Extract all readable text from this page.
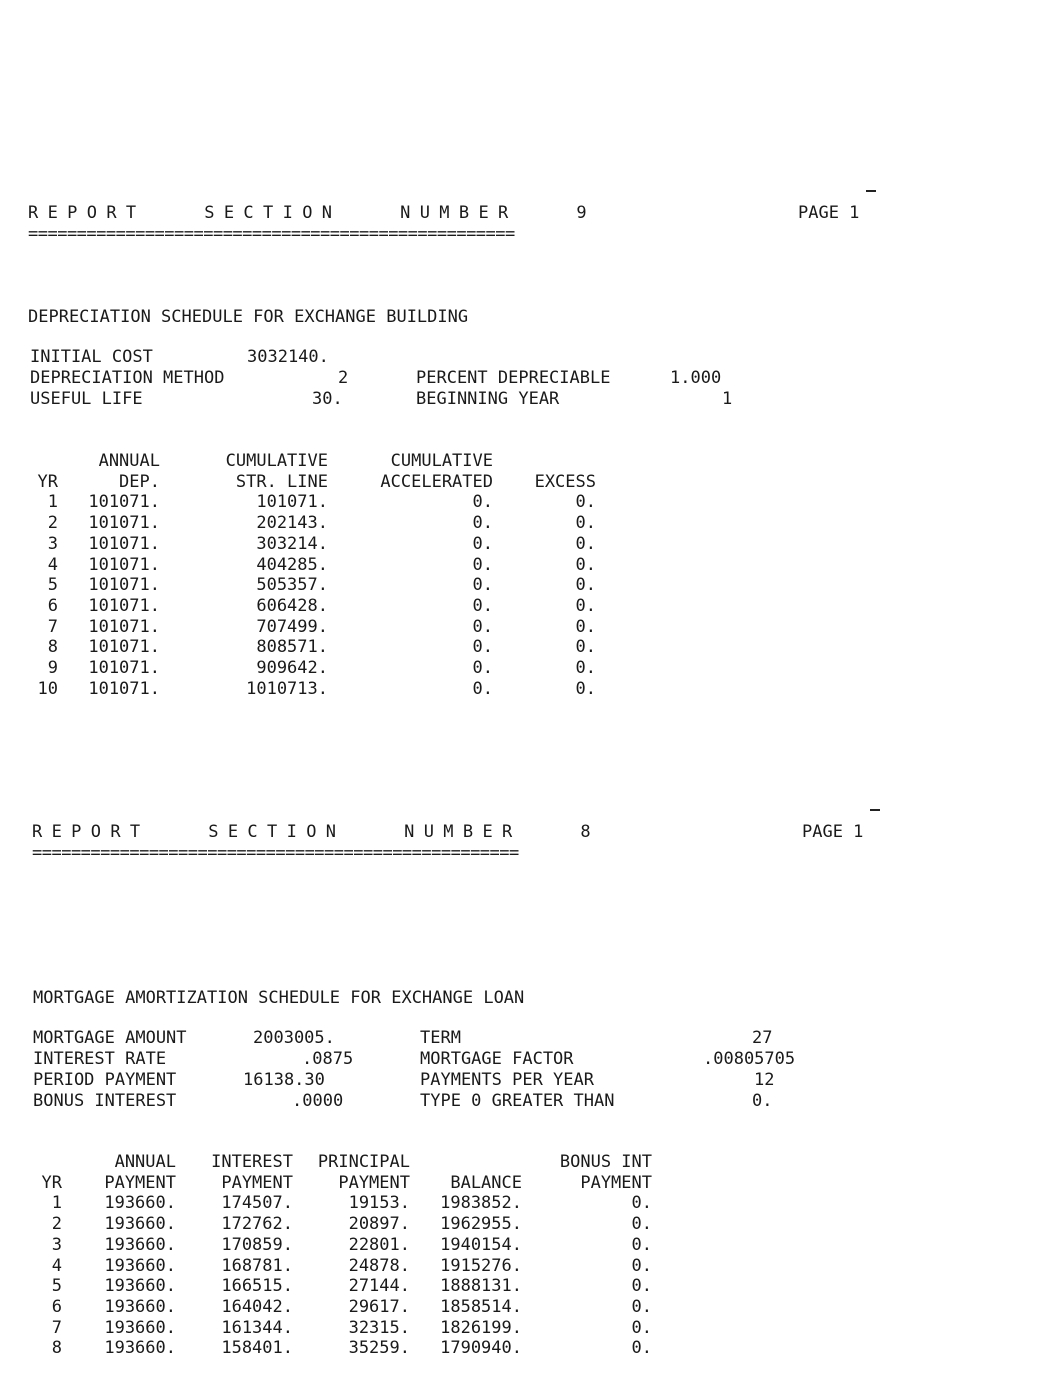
REPORT   SECTION   NUMBER   9	PAGE 1
==================================================
DEPRECIATION SCHEDULE FOR EXCHANGE BUILDING
INITIAL COST	3032140.
DEPRECIATION METHOD	2	PERCENT DEPRECIABLE	1.000
USEFUL LIFE	30.	BEGINNING YEAR	1
ANNUAL	CUMULATIVE	CUMULATIVE
YR	DEP.	STR. LINE	ACCELERATED	EXCESS
1	101071.	101071.	0.	0.
2	101071.	202143.	0.	0.
3	101071.	303214.	0.	0.
4	101071.	404285.	0.	0.
5	101071.	505357.	0.	0.
6	101071.	606428.	0.	0.
7	101071.	707499.	0.	0.
8	101071.	808571.	0.	0.
9	101071.	909642.	0.	0.
10	101071.	1010713.	0.	0.
REPORT   SECTION   NUMBER   8	PAGE 1
==================================================
MORTGAGE AMORTIZATION SCHEDULE FOR EXCHANGE LOAN
MORTGAGE AMOUNT	2003005.	TERM	27
INTEREST RATE	.0875	MORTGAGE FACTOR	.00805705
PERIOD PAYMENT	16138.30	PAYMENTS PER YEAR	12
BONUS INTEREST	.0000	TYPE 0 GREATER THAN	0.
ANNUAL	INTEREST	PRINCIPAL	BONUS INT
YR	PAYMENT	PAYMENT	PAYMENT	BALANCE	PAYMENT
1	193660.	174507.	19153.	1983852.	0.
2	193660.	172762.	20897.	1962955.	0.
3	193660.	170859.	22801.	1940154.	0.
4	193660.	168781.	24878.	1915276.	0.
5	193660.	166515.	27144.	1888131.	0.
6	193660.	164042.	29617.	1858514.	0.
7	193660.	161344.	32315.	1826199.	0.
8	193660.	158401.	35259.	1790940.	0.
